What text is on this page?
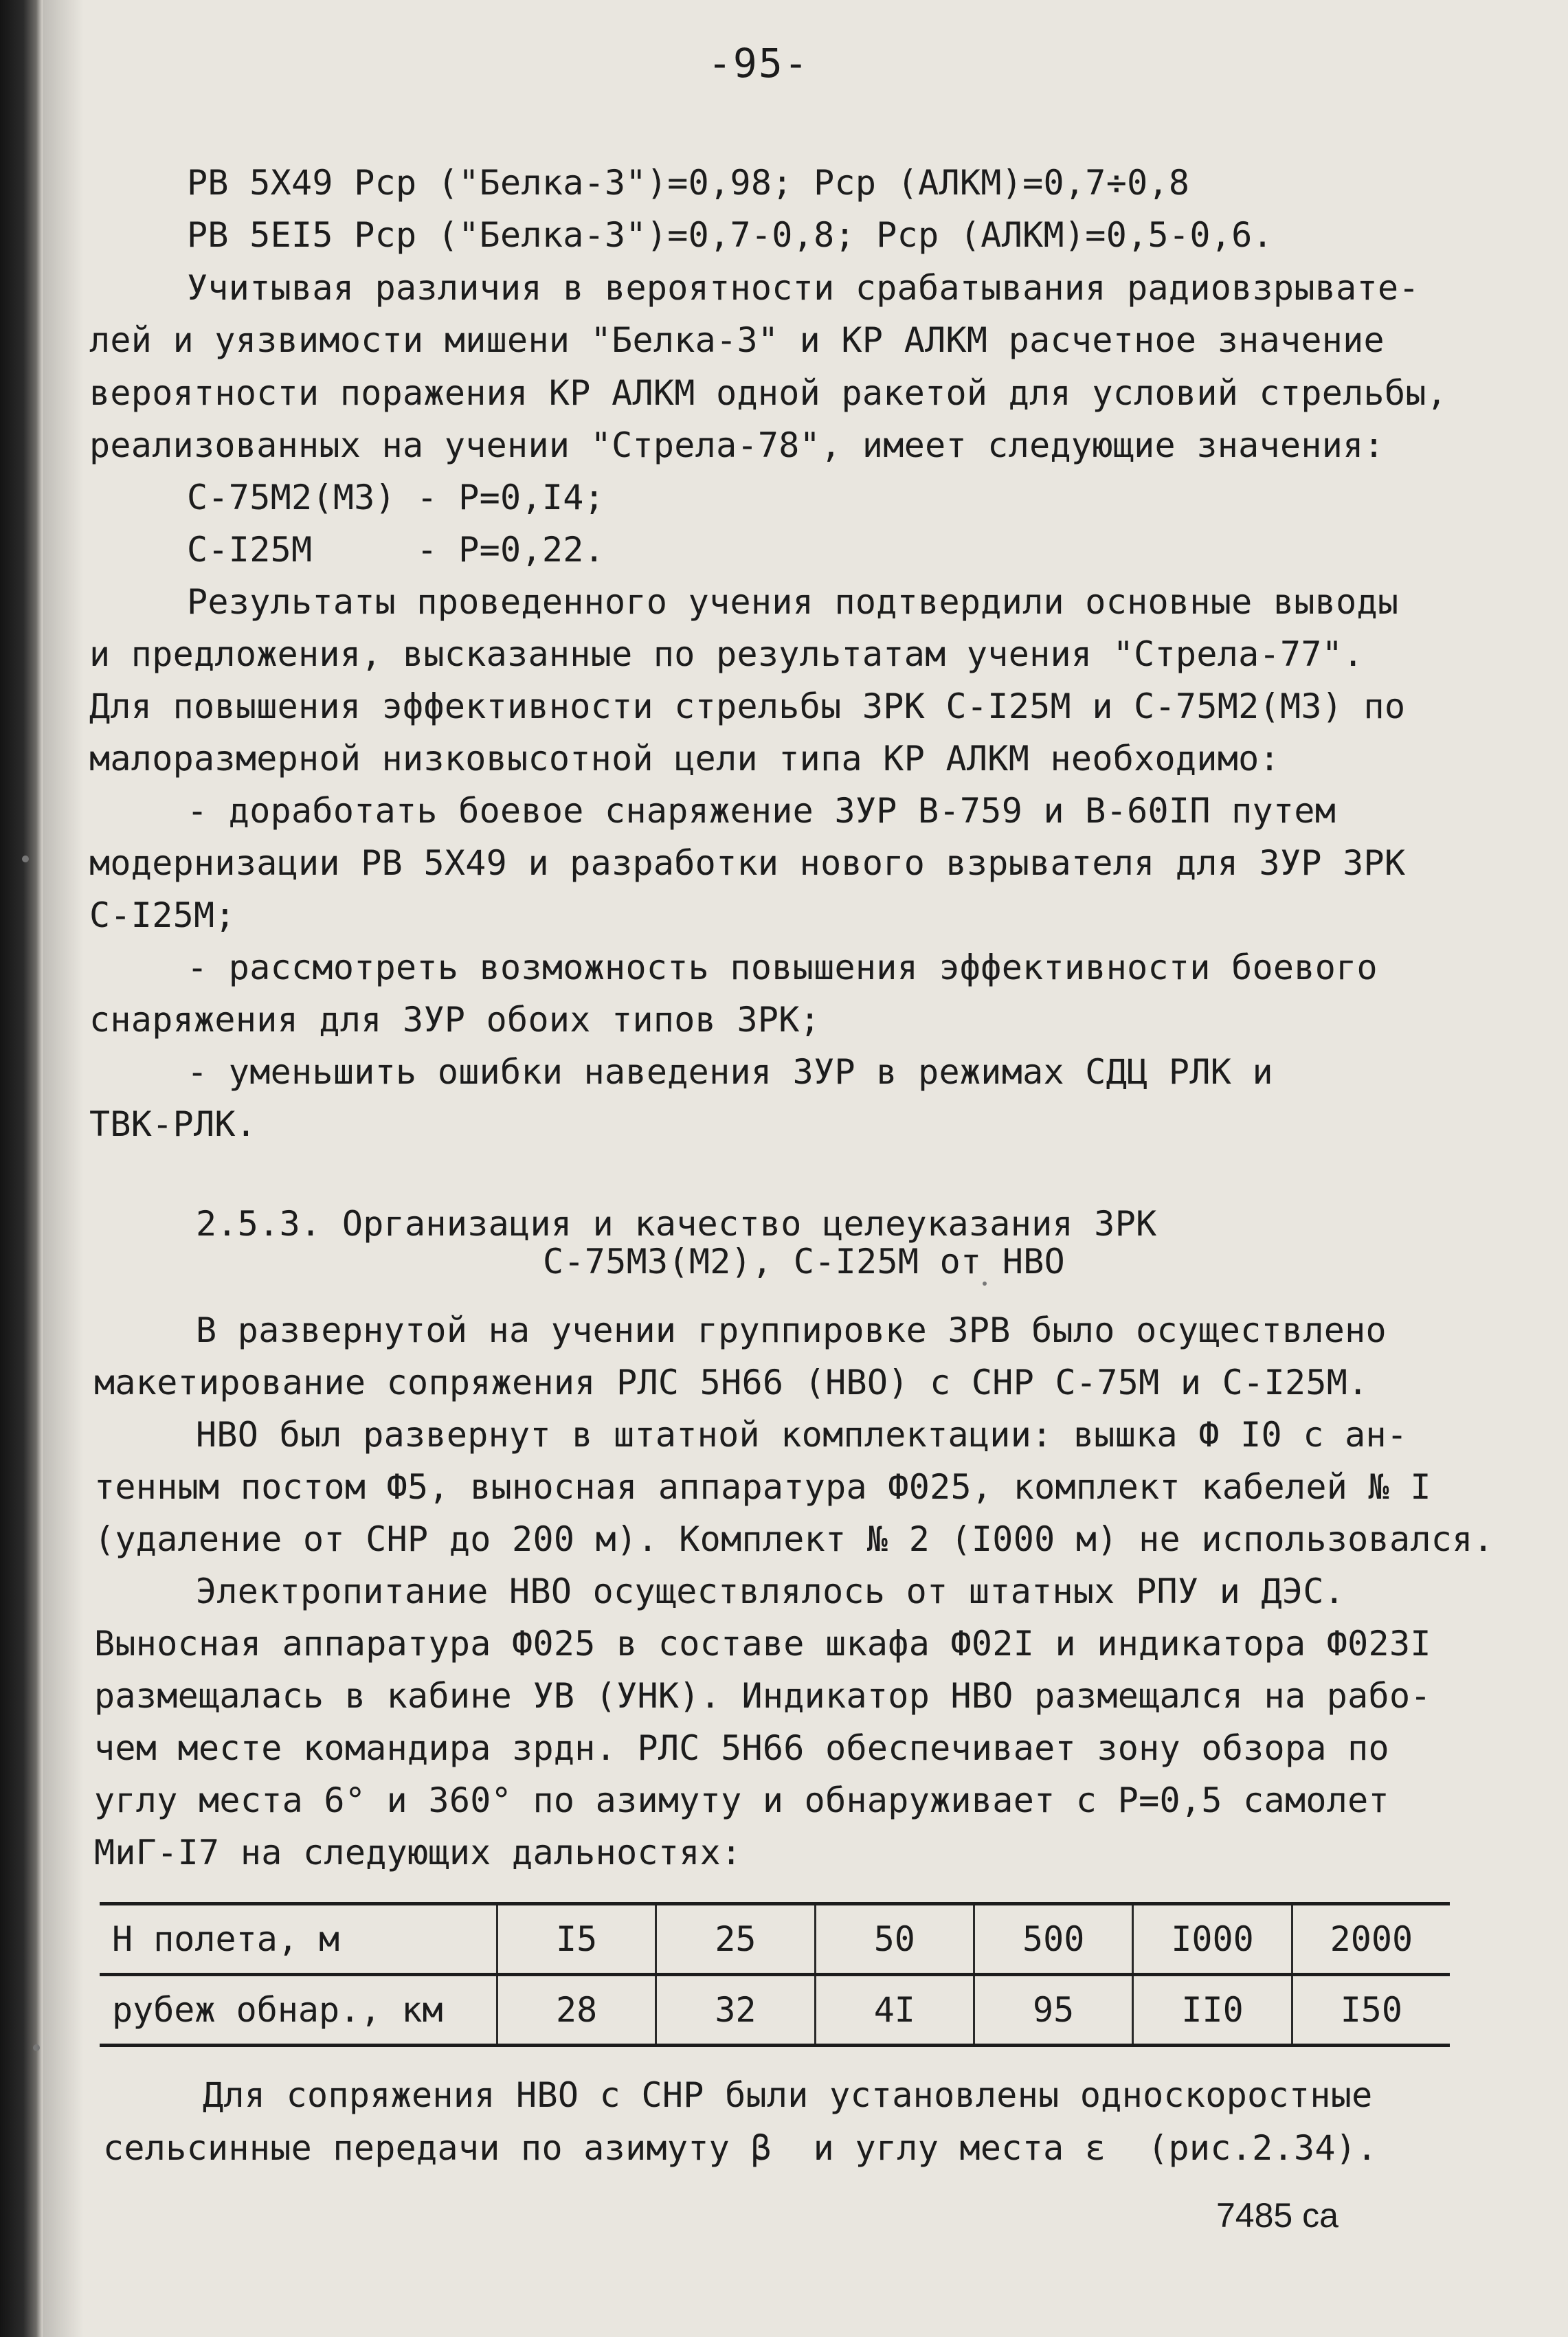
-95-
РВ 5Х49 Рср ("Белка-3")=0,98; Рср (АЛКМ)=0,7÷0,8
РВ 5ЕI5 Рср ("Белка-3")=0,7-0,8; Рср (АЛКМ)=0,5-0,6.
Учитывая различия в вероятности срабатывания радиовзрывате-
лей и уязвимости мишени "Белка-3" и КР АЛКМ расчетное значение
вероятности поражения КР АЛКМ одной ракетой для условий стрельбы,
реализованных на учении "Стрела-78", имеет следующие значения:
С-75М2(М3) - Р=0,I4;
С-I25М     - Р=0,22.
Результаты проведенного учения подтвердили основные выводы
и предложения, высказанные по результатам учения "Стрела-77".
Для повышения эффективности стрельбы ЗРК С-I25М и С-75М2(М3) по
малоразмерной низковысотной цели типа КР АЛКМ необходимо:
- доработать боевое снаряжение ЗУР В-759 и В-60IП путем
модернизации РВ 5Х49 и разработки нового взрывателя для ЗУР ЗРК
С-I25М;
- рассмотреть возможность повышения эффективности боевого
снаряжения для ЗУР обоих типов ЗРК;
- уменьшить ошибки наведения ЗУР в режимах СДЦ РЛК и
ТВК-РЛК.
2.5.3. Организация и качество целеуказания ЗРК
С-75М3(М2), С-I25М от НВО
В развернутой на учении группировке ЗРВ было осуществлено
макетирование сопряжения РЛС 5Н66 (НВО) с СНР С-75М и С-I25М.
НВО был развернут в штатной комплектации: вышка Ф I0 с ан-
тенным постом Ф5, выносная аппаратура Ф025, комплект кабелей № I
(удаление от СНР до 200 м). Комплект № 2 (I000 м) не использовался.
Электропитание НВО осуществлялось от штатных РПУ и ДЭС.
Выносная аппаратура Ф025 в составе шкафа Ф02I и индикатора Ф023I
размещалась в кабине УВ (УНК). Индикатор НВО размещался на рабо-
чем месте командира зрдн. РЛС 5Н66 обеспечивает зону обзора по
углу места 6° и 360° по азимуту и обнаруживает с Р=0,5 самолет
МиГ-I7 на следующих дальностях:
Для сопряжения НВО с СНР были установлены односкоростные
сельсинные передачи по азимуту β  и углу места ε  (рис.2.34).
Н полета, м	I5	25	50	500	I000	2000
рубеж обнар., км	28	32	4I	95	II0	I50
7485 са
